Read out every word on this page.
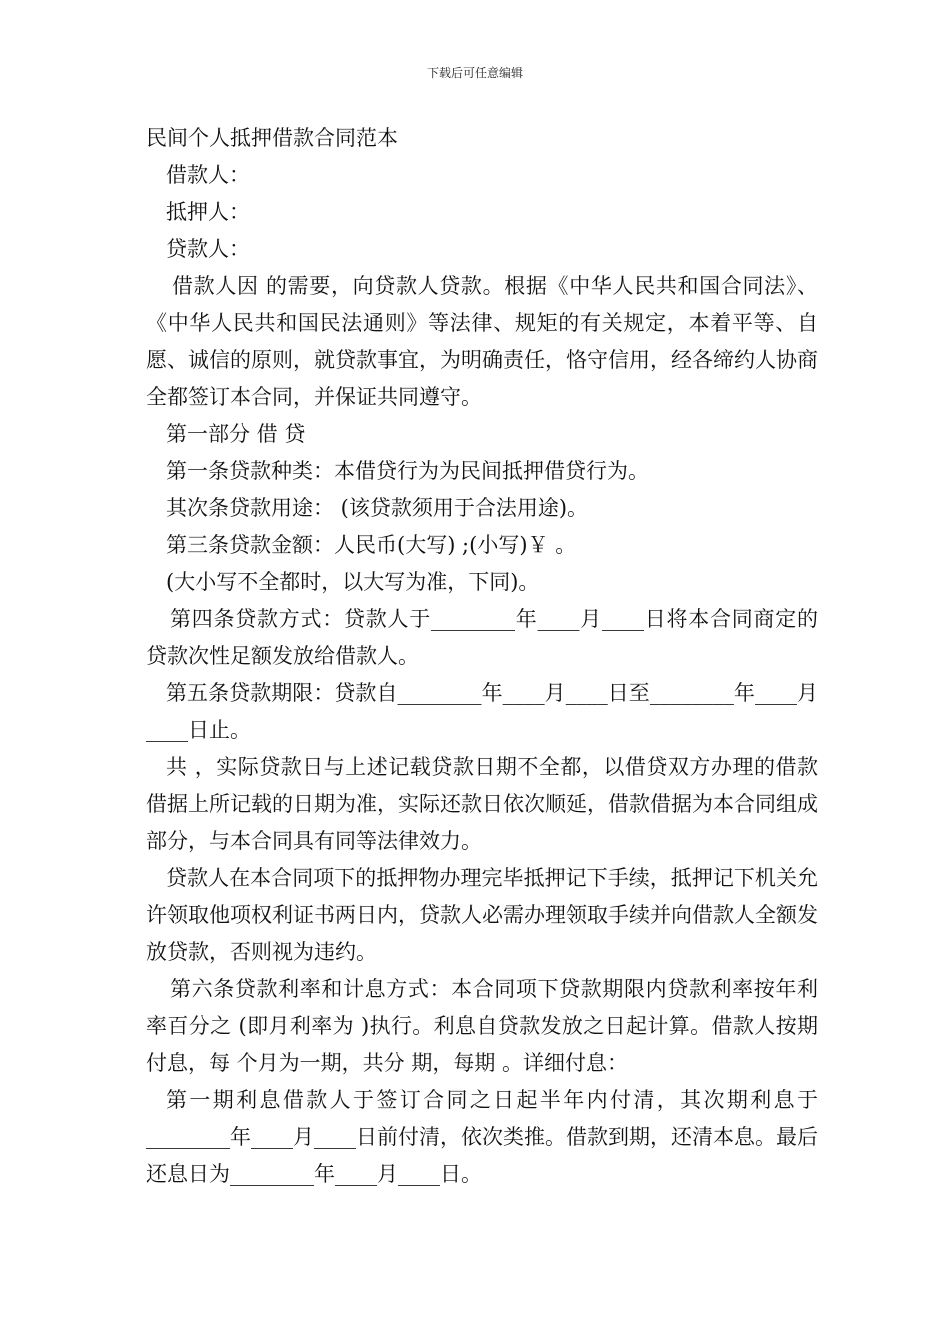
下载后可任意编辑

民间个人抵押借款合同范本

借款人：

抵押人：

贷款人：

借款人因 的需要，向贷款人贷款。根据《中华人民共和国合同法》、《中华人民共和国民法通则》等法律、规矩的有关规定，本着平等、自愿、诚信的原则，就贷款事宜，为明确责任，恪守信用，经各缔约人协商全都签订本合同，并保证共同遵守。

第一部分 借 贷

第一条贷款种类：本借贷行为为民间抵押借贷行为。

其次条贷款用途： (该贷款须用于合法用途)。

第三条贷款金额：人民币(大写) ;(小写)￥ 。

(大小写不全都时，以大写为准，下同)。

第四条贷款方式：贷款人于________年____月____日将本合同商定的贷款次性足额发放给借款人。

第五条贷款期限：贷款自________年____月____日至________年____月____日止。

共 ，实际贷款日与上述记载贷款日期不全都，以借贷双方办理的借款借据上所记载的日期为准，实际还款日依次顺延，借款借据为本合同组成部分，与本合同具有同等法律效力。

贷款人在本合同项下的抵押物办理完毕抵押记下手续，抵押记下机关允许领取他项权利证书两日内，贷款人必需办理领取手续并向借款人全额发放贷款，否则视为违约。

第六条贷款利率和计息方式：本合同项下贷款期限内贷款利率按年利率百分之 (即月利率为 )执行。利息自贷款发放之日起计算。借款人按期付息，每 个月为一期，共分 期，每期 。详细付息：

第一期利息借款人于签订合同之日起半年内付清，其次期利息于________年____月____日前付清，依次类推。借款到期，还清本息。最后还息日为________年____月____日。
